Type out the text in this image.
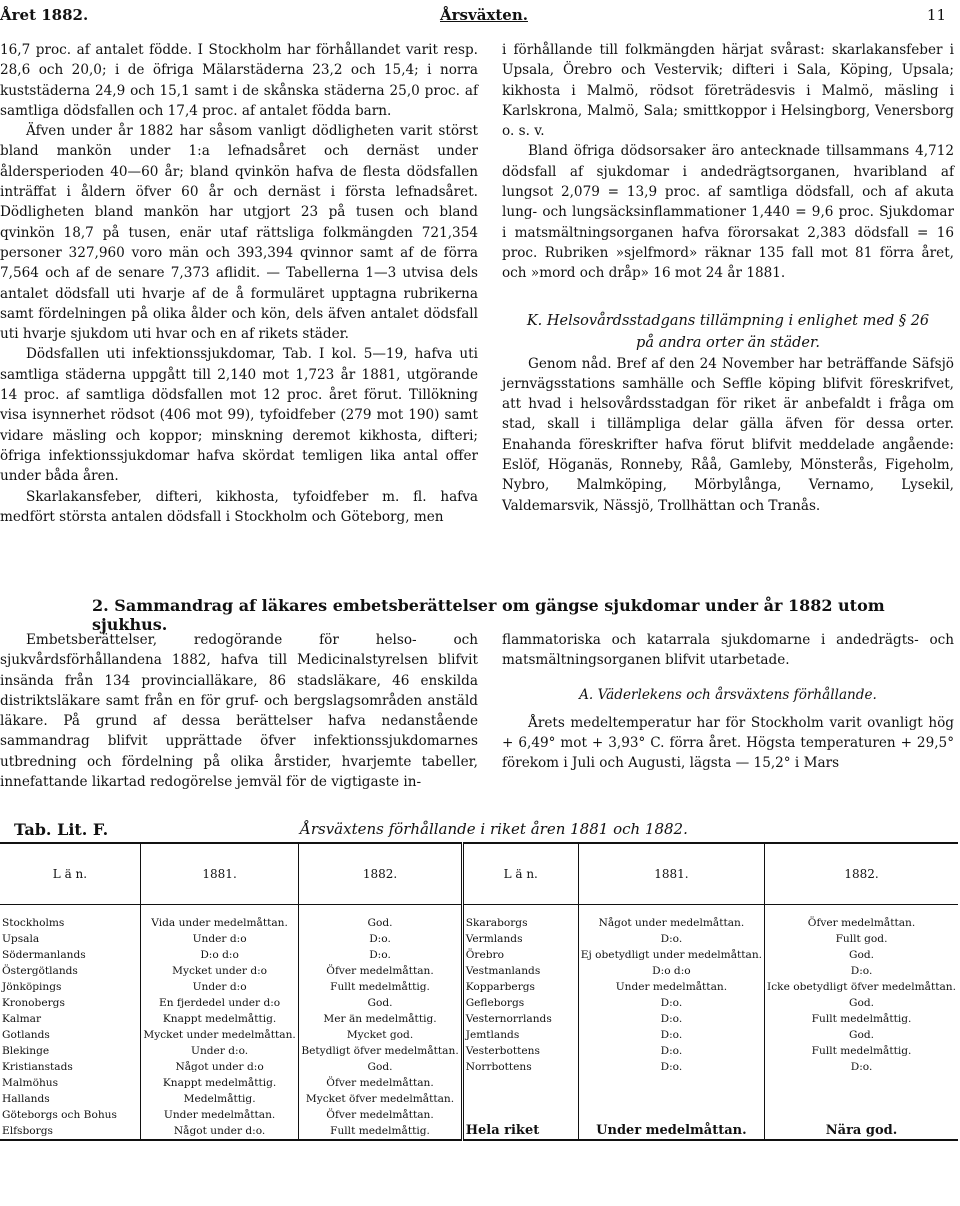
Året 1882.	Årsväxten.	11

16,7 proc. af antalet födde. I Stockholm har förhållandet varit resp. 28,6 och 20,0; i de öfriga Mälarstäderna 23,2 och 15,4; i norra kuststäderna 24,9 och 15,1 samt i de skånska städerna 25,0 proc. af samtliga dödsfallen och 17,4 proc. af antalet födda barn.

Äfven under år 1882 har såsom vanligt dödligheten varit störst bland mankön under 1:a lefnadsåret och dernäst under åldersperioden 40—60 år; bland qvinkön hafva de flesta dödsfallen inträffat i åldern öfver 60 år och dernäst i första lefnadsåret. Dödligheten bland mankön har utgjort 23 på tusen och bland qvinkön 18,7 på tusen, enär utaf rättsliga folkmängden 721,354 personer 327,960 voro män och 393,394 qvinnor samt af de förra 7,564 och af de senare 7,373 aflidit. — Tabellerna 1—3 utvisa dels antalet dödsfall uti hvarje af de å formuläret upptagna rubrikerna samt fördelningen på olika ålder och kön, dels äfven antalet dödsfall uti hvarje sjukdom uti hvar och en af rikets städer.

Dödsfallen uti infektionssjukdomar, Tab. I kol. 5—19, hafva uti samtliga städerna uppgått till 2,140 mot 1,723 år 1881, utgörande 14 proc. af samtliga dödsfallen mot 12 proc. året förut. Tillökning visa isynnerhet rödsot (406 mot 99), tyfoidfeber (279 mot 190) samt vidare mäsling och koppor; minskning deremot kikhosta, difteri; öfriga infektionssjukdomar hafva skördat temligen lika antal offer under båda åren.

Skarlakansfeber, difteri, kikhosta, tyfoidfeber m. fl. hafva medfört största antalen dödsfall i Stockholm och Göteborg, men

i förhållande till folkmängden härjat svårast: skarlakansfeber i Upsala, Örebro och Vestervik; difteri i Sala, Köping, Upsala; kikhosta i Malmö, rödsot företrädesvis i Malmö, mäsling i Karlskrona, Malmö, Sala; smittkoppor i Helsingborg, Venersborg o. s. v.

Bland öfriga dödsorsaker äro antecknade tillsammans 4,712 dödsfall af sjukdomar i andedrägtsorganen, hvaribland af lungsot 2,079 = 13,9 proc. af samtliga dödsfall, och af akuta lung- och lungsäcksinflammationer 1,440 = 9,6 proc. Sjukdomar i matsmältningsorganen hafva förorsakat 2,383 dödsfall = 16 proc. Rubriken »sjelfmord» räknar 135 fall mot 81 förra året, och »mord och dråp» 16 mot 24 år 1881.

K. Helsovårdsstadgans tillämpning i enlighet med § 26
på andra orter än städer.

Genom nåd. Bref af den 24 November har beträffande Säfsjö jernvägsstations samhälle och Seffle köping blifvit föreskrifvet, att hvad i helsovårdsstadgan för riket är anbefaldt i fråga om stad, skall i tillämpliga delar gälla äfven för dessa orter. Enahanda föreskrifter hafva förut blifvit meddelade angående: Eslöf, Höganäs, Ronneby, Råå, Gamleby, Mönsterås, Figeholm, Nybro, Malmköping, Mörbylånga, Vernamo, Lysekil, Valdemarsvik, Nässjö, Trollhättan och Tranås.

2. Sammandrag af läkares embetsberättelser om gängse sjukdomar under år 1882 utom sjukhus.

Embetsberättelser, redogörande för helso- och sjukvårdsförhållandena 1882, hafva till Medicinalstyrelsen blifvit insända från 134 provincialläkare, 86 stadsläkare, 46 enskilda distriktsläkare samt från en för gruf- och bergslagsområden anstäld läkare. På grund af dessa berättelser hafva nedanstående sammandrag blifvit upprättade öfver infektionssjukdomarnes utbredning och fördelning på olika årstider, hvarjemte tabeller, innefattande likartad redogörelse jemväl för de vigtigaste in-

flammatoriska och katarrala sjukdomarne i andedrägts- och matsmältningsorganen blifvit utarbetade.

A. Väderlekens och årsväxtens förhållande.

Årets medeltemperatur har för Stockholm varit ovanligt hög + 6,49° mot + 3,93° C. förra året. Högsta temperaturen + 29,5° förekom i Juli och Augusti, lägsta — 15,2° i Mars

Tab. Lit. F.	Årsväxtens förhållande i riket åren 1881 och 1882.
L ä n.	1881.	1882.	L ä n.	1881.	1882.

Stockholms	Vida under medelmåttan.	God.	Skaraborgs	Något under medelmåttan.	Öfver medelmåttan.
Upsala	Under d:o	D:o.	Vermlands	D:o.	Fullt god.
Södermanlands	D:o d:o	D:o.	Örebro	Ej obetydligt under medelmåttan.	God.
Östergötlands	Mycket under d:o	Öfver medelmåttan.	Vestmanlands	D:o d:o	D:o.
Jönköpings	Under d:o	Fullt medelmåttig.	Kopparbergs	Under medelmåttan.	Icke obetydligt öfver medelmåttan.
Kronobergs	En fjerdedel under d:o	God.	Gefleborgs	D:o.	God.
Kalmar	Knappt medelmåttig.	Mer än medelmåttig.	Vesternorrlands	D:o.	Fullt medelmåttig.
Gotlands	Mycket under medelmåttan.	Mycket god.	Jemtlands	D:o.	God.
Blekinge	Under d:o.	Betydligt öfver medelmåttan.	Vesterbottens	D:o.	Fullt medelmåttig.
Kristianstads	Något under d:o	God.	Norrbottens	D:o.	D:o.
Malmöhus	Knappt medelmåttig.	Öfver medelmåttan.			
Hallands	Medelmåttig.	Mycket öfver medelmåttan.			
Göteborgs och Bohus	Under medelmåttan.	Öfver medelmåttan.			
Elfsborgs	Något under d:o.	Fullt medelmåttig.	Hela riket	Under medelmåttan.	Nära god.
